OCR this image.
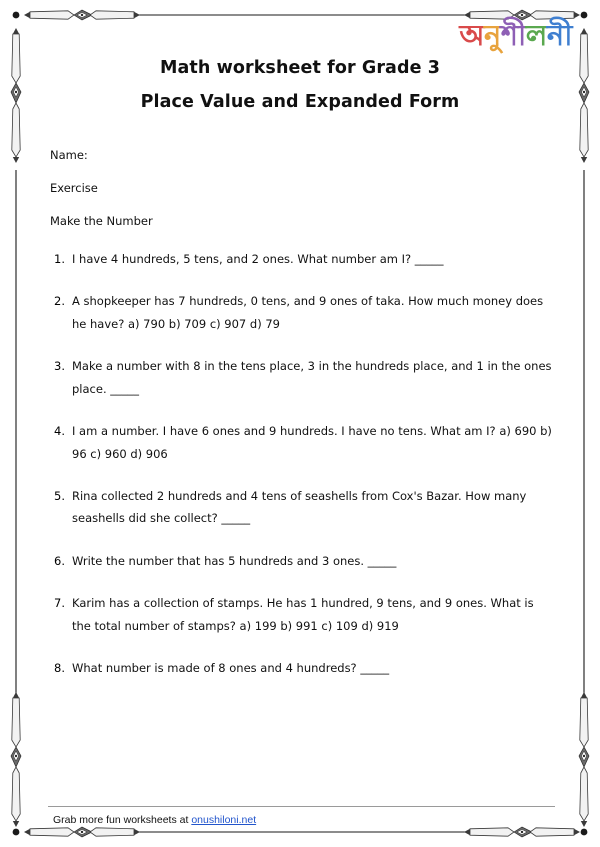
অনুশীলনী
Math worksheet for Grade 3
Place Value and Expanded Form
Name:
Exercise
Make the Number
1. I have 4 hundreds, 5 tens, and 2 ones. What number am I? _____
2. A shopkeeper has 7 hundreds, 0 tens, and 9 ones of taka. How much money does he have? a) 790 b) 709 c) 907 d) 79
3. Make a number with 8 in the tens place, 3 in the hundreds place, and 1 in the ones place. _____
4. I am a number. I have 6 ones and 9 hundreds. I have no tens. What am I? a) 690 b) 96 c) 960 d) 906
5. Rina collected 2 hundreds and 4 tens of seashells from Cox's Bazar. How many seashells did she collect? _____
6. Write the number that has 5 hundreds and 3 ones. _____
7. Karim has a collection of stamps. He has 1 hundred, 9 tens, and 9 ones. What is the total number of stamps? a) 199 b) 991 c) 109 d) 919
8. What number is made of 8 ones and 4 hundreds? _____
Grab more fun worksheets at onushiloni.net
